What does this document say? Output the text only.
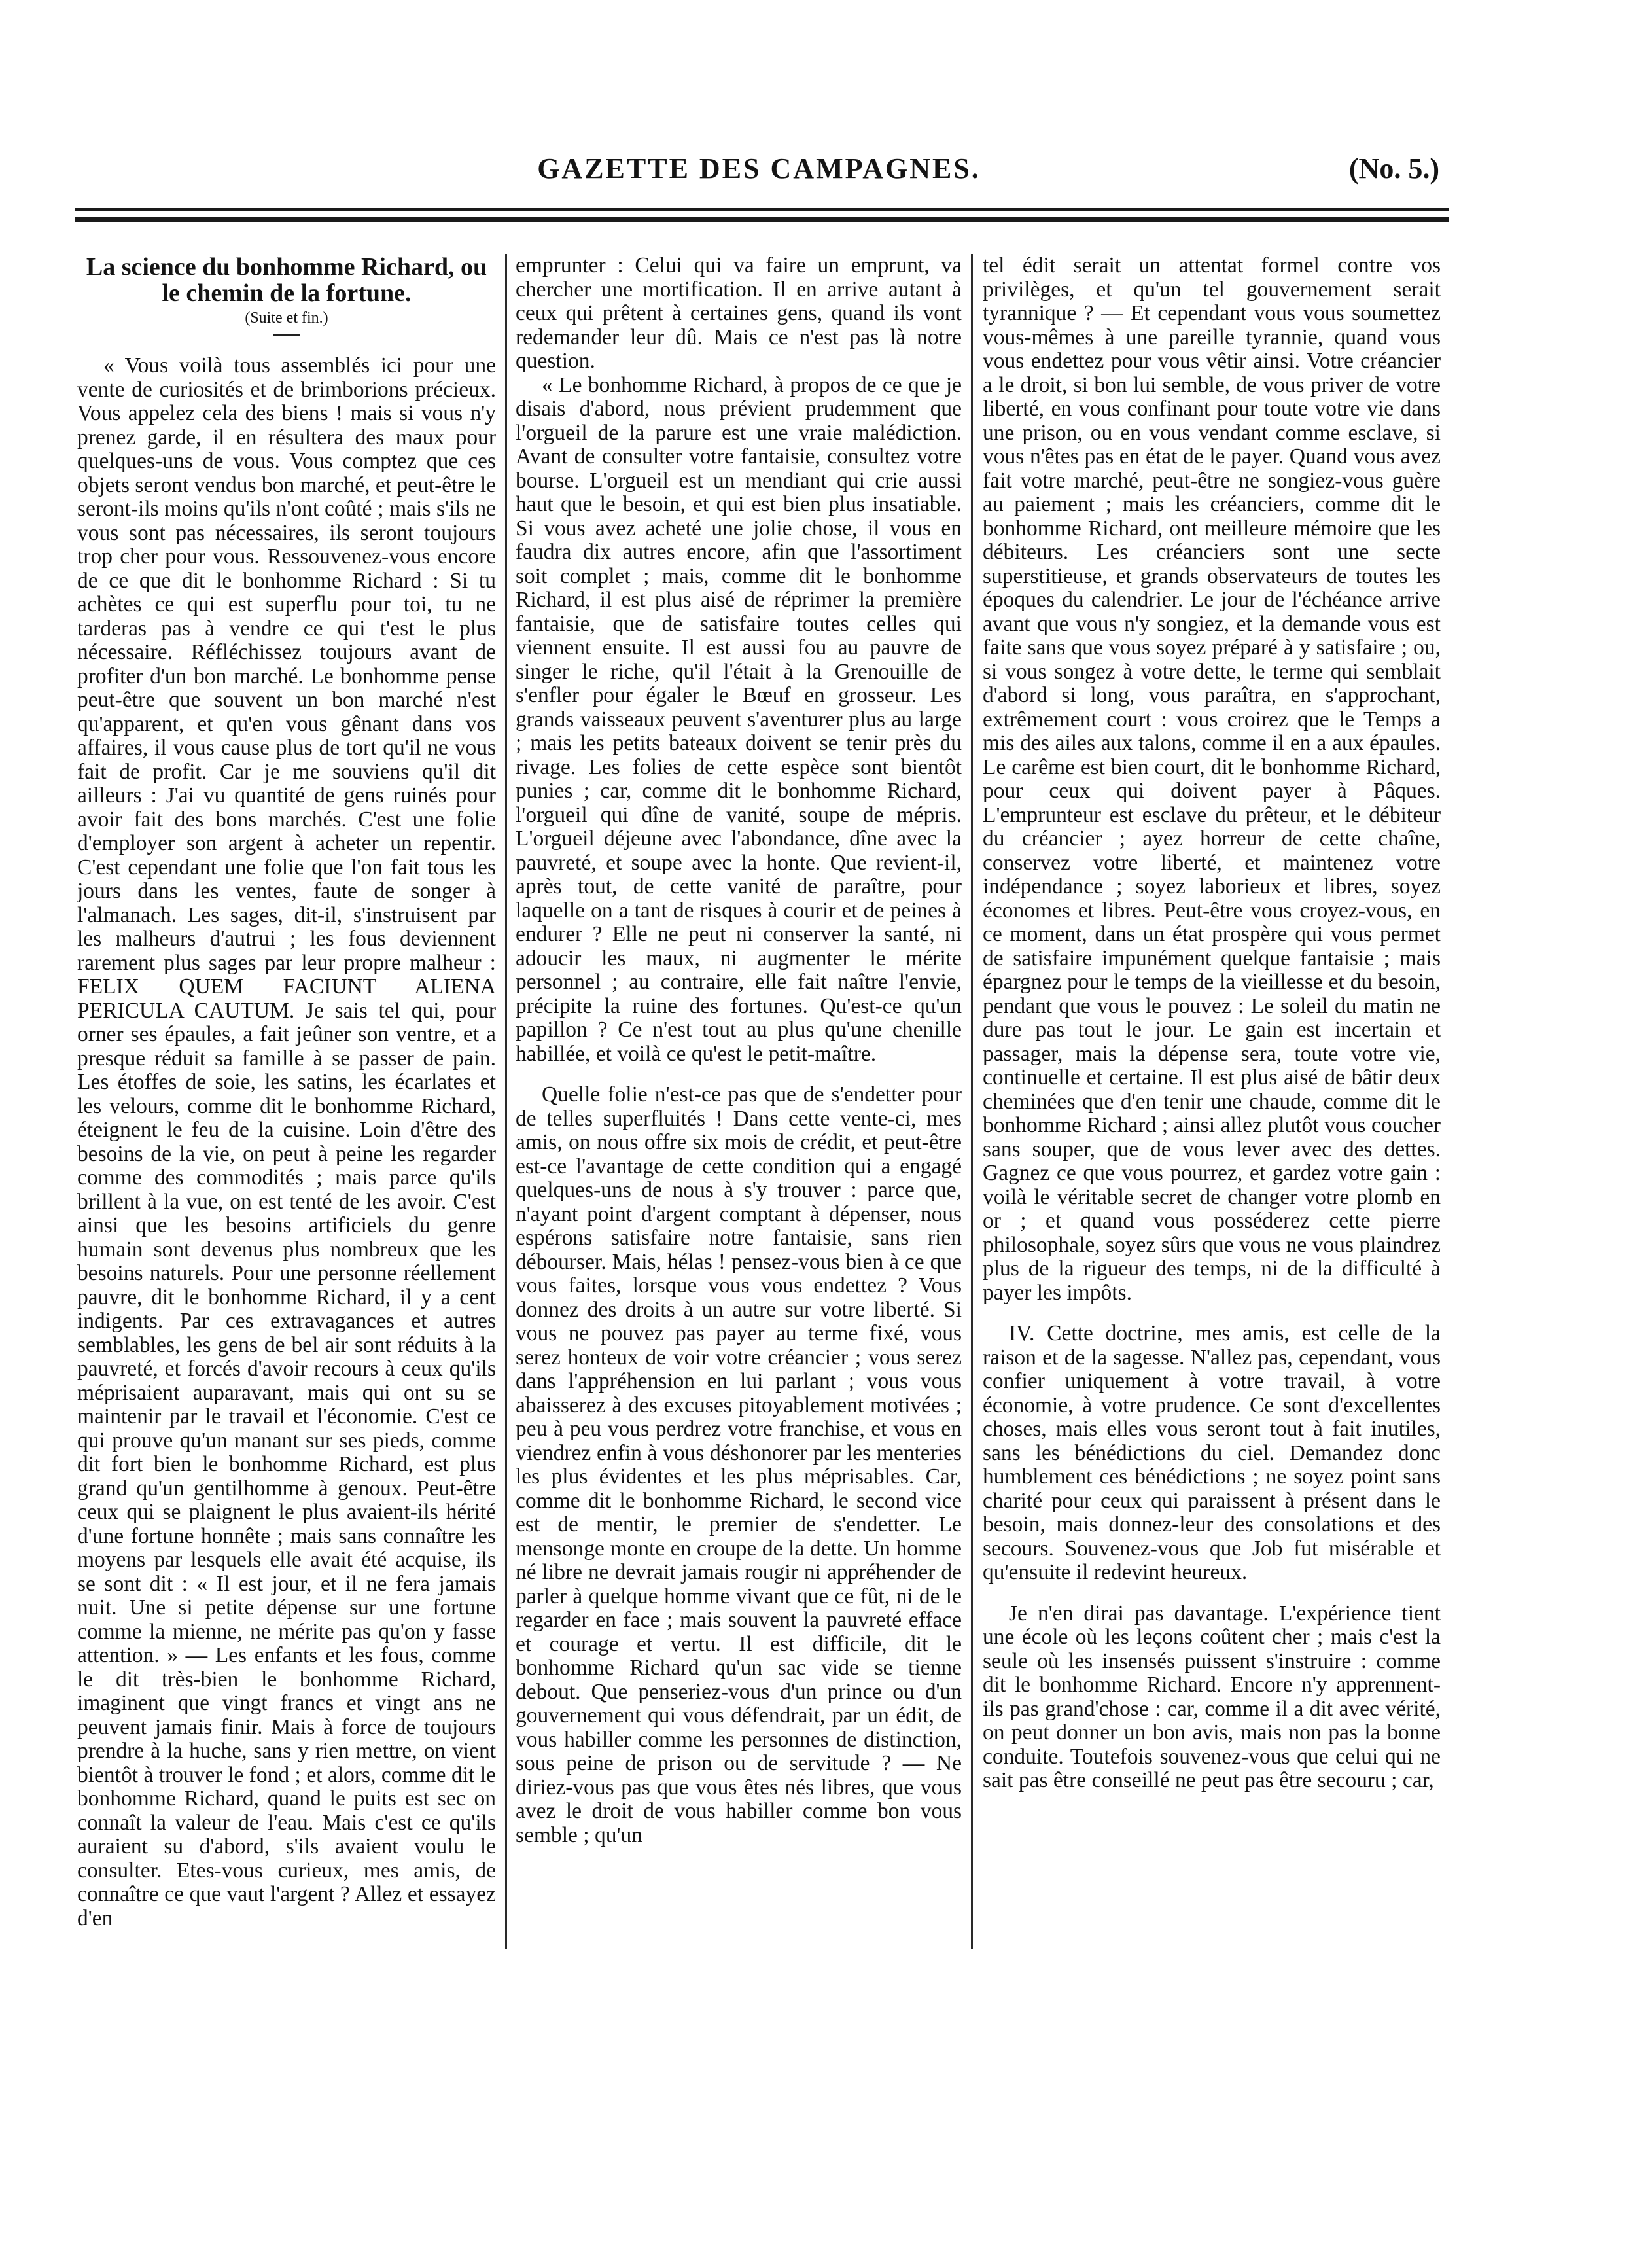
GAZETTE DES CAMPAGNES.	(No. 5.)
La science du bonhomme Richard, ou le chemin de la fortune.
(Suite et fin.)

« Vous voilà tous assemblés ici pour une vente de curiosités et de brimborions précieux. Vous appelez cela des biens ! mais si vous n'y prenez garde, il en résultera des maux pour quelques-uns de vous. Vous comptez que ces objets seront vendus bon marché, et peut-être le seront-ils moins qu'ils n'ont coûté ; mais s'ils ne vous sont pas nécessaires, ils seront toujours trop cher pour vous. Ressouvenez-vous encore de ce que dit le bonhomme Richard : Si tu achètes ce qui est superflu pour toi, tu ne tarderas pas à vendre ce qui t'est le plus nécessaire. Réfléchissez toujours avant de profiter d'un bon marché. Le bonhomme pense peut-être que souvent un bon marché n'est qu'apparent, et qu'en vous gênant dans vos affaires, il vous cause plus de tort qu'il ne vous fait de profit. Car je me souviens qu'il dit ailleurs : J'ai vu quantité de gens ruinés pour avoir fait des bons marchés. C'est une folie d'employer son argent à acheter un repentir. C'est cependant une folie que l'on fait tous les jours dans les ventes, faute de songer à l'almanach. Les sages, dit-il, s'instruisent par les malheurs d'autrui ; les fous deviennent rarement plus sages par leur propre malheur : FELIX QUEM FACIUNT ALIENA PERICULA CAUTUM. Je sais tel qui, pour orner ses épaules, a fait jeûner son ventre, et a presque réduit sa famille à se passer de pain. Les étoffes de soie, les satins, les écarlates et les velours, comme dit le bonhomme Richard, éteignent le feu de la cuisine. Loin d'être des besoins de la vie, on peut à peine les regarder comme des commodités ; mais parce qu'ils brillent à la vue, on est tenté de les avoir. C'est ainsi que les besoins artificiels du genre humain sont devenus plus nombreux que les besoins naturels. Pour une personne réellement pauvre, dit le bonhomme Richard, il y a cent indigents. Par ces extravagances et autres semblables, les gens de bel air sont réduits à la pauvreté, et forcés d'avoir recours à ceux qu'ils méprisaient auparavant, mais qui ont su se maintenir par le travail et l'économie. C'est ce qui prouve qu'un manant sur ses pieds, comme dit fort bien le bonhomme Richard, est plus grand qu'un gentilhomme à genoux. Peut-être ceux qui se plaignent le plus avaient-ils hérité d'une fortune honnête ; mais sans connaître les moyens par lesquels elle avait été acquise, ils se sont dit : « Il est jour, et il ne fera jamais nuit. Une si petite dépense sur une fortune comme la mienne, ne mérite pas qu'on y fasse attention. » — Les enfants et les fous, comme le dit très-bien le bonhomme Richard, imaginent que vingt francs et vingt ans ne peuvent jamais finir. Mais à force de toujours prendre à la huche, sans y rien mettre, on vient bientôt à trouver le fond ; et alors, comme dit le bonhomme Richard, quand le puits est sec on connaît la valeur de l'eau. Mais c'est ce qu'ils auraient su d'abord, s'ils avaient voulu le consulter. Etes-vous curieux, mes amis, de connaître ce que vaut l'argent ? Allez et essayez d'en

emprunter : Celui qui va faire un emprunt, va chercher une mortification. Il en arrive autant à ceux qui prêtent à certaines gens, quand ils vont redemander leur dû. Mais ce n'est pas là notre question.

« Le bonhomme Richard, à propos de ce que je disais d'abord, nous prévient prudemment que l'orgueil de la parure est une vraie malédiction. Avant de consulter votre fantaisie, consultez votre bourse. L'orgueil est un mendiant qui crie aussi haut que le besoin, et qui est bien plus insatiable. Si vous avez acheté une jolie chose, il vous en faudra dix autres encore, afin que l'assortiment soit complet ; mais, comme dit le bonhomme Richard, il est plus aisé de réprimer la première fantaisie, que de satisfaire toutes celles qui viennent ensuite. Il est aussi fou au pauvre de singer le riche, qu'il l'était à la Grenouille de s'enfler pour égaler le Bœuf en grosseur. Les grands vaisseaux peuvent s'aventurer plus au large ; mais les petits bateaux doivent se tenir près du rivage. Les folies de cette espèce sont bientôt punies ; car, comme dit le bonhomme Richard, l'orgueil qui dîne de vanité, soupe de mépris. L'orgueil déjeune avec l'abondance, dîne avec la pauvreté, et soupe avec la honte. Que revient-il, après tout, de cette vanité de paraître, pour laquelle on a tant de risques à courir et de peines à endurer ? Elle ne peut ni conserver la santé, ni adoucir les maux, ni augmenter le mérite personnel ; au contraire, elle fait naître l'envie, précipite la ruine des fortunes. Qu'est-ce qu'un papillon ? Ce n'est tout au plus qu'une chenille habillée, et voilà ce qu'est le petit-maître.

Quelle folie n'est-ce pas que de s'endetter pour de telles superfluités ! Dans cette vente-ci, mes amis, on nous offre six mois de crédit, et peut-être est-ce l'avantage de cette condition qui a engagé quelques-uns de nous à s'y trouver : parce que, n'ayant point d'argent comptant à dépenser, nous espérons satisfaire notre fantaisie, sans rien débourser. Mais, hélas ! pensez-vous bien à ce que vous faites, lorsque vous vous endettez ? Vous donnez des droits à un autre sur votre liberté. Si vous ne pouvez pas payer au terme fixé, vous serez honteux de voir votre créancier ; vous serez dans l'appréhension en lui parlant ; vous vous abaisserez à des excuses pitoyablement motivées ; peu à peu vous perdrez votre franchise, et vous en viendrez enfin à vous déshonorer par les menteries les plus évidentes et les plus méprisables. Car, comme dit le bonhomme Richard, le second vice est de mentir, le premier de s'endetter. Le mensonge monte en croupe de la dette. Un homme né libre ne devrait jamais rougir ni appréhender de parler à quelque homme vivant que ce fût, ni de le regarder en face ; mais souvent la pauvreté efface et courage et vertu. Il est difficile, dit le bonhomme Richard qu'un sac vide se tienne debout. Que penseriez-vous d'un prince ou d'un gouvernement qui vous défendrait, par un édit, de vous habiller comme les personnes de distinction, sous peine de prison ou de servitude ? — Ne diriez-vous pas que vous êtes nés libres, que vous avez le droit de vous habiller comme bon vous semble ; qu'un

tel édit serait un attentat formel contre vos privilèges, et qu'un tel gouvernement serait tyrannique ? — Et cependant vous vous soumettez vous-mêmes à une pareille tyrannie, quand vous vous endettez pour vous vêtir ainsi. Votre créancier a le droit, si bon lui semble, de vous priver de votre liberté, en vous confinant pour toute votre vie dans une prison, ou en vous vendant comme esclave, si vous n'êtes pas en état de le payer. Quand vous avez fait votre marché, peut-être ne songiez-vous guère au paiement ; mais les créanciers, comme dit le bonhomme Richard, ont meilleure mémoire que les débiteurs. Les créanciers sont une secte superstitieuse, et grands observateurs de toutes les époques du calendrier. Le jour de l'échéance arrive avant que vous n'y songiez, et la demande vous est faite sans que vous soyez préparé à y satisfaire ; ou, si vous songez à votre dette, le terme qui semblait d'abord si long, vous paraîtra, en s'approchant, extrêmement court : vous croirez que le Temps a mis des ailes aux talons, comme il en a aux épaules. Le carême est bien court, dit le bonhomme Richard, pour ceux qui doivent payer à Pâques. L'emprunteur est esclave du prêteur, et le débiteur du créancier ; ayez horreur de cette chaîne, conservez votre liberté, et maintenez votre indépendance ; soyez laborieux et libres, soyez économes et libres. Peut-être vous croyez-vous, en ce moment, dans un état prospère qui vous permet de satisfaire impunément quelque fantaisie ; mais épargnez pour le temps de la vieillesse et du besoin, pendant que vous le pouvez : Le soleil du matin ne dure pas tout le jour. Le gain est incertain et passager, mais la dépense sera, toute votre vie, continuelle et certaine. Il est plus aisé de bâtir deux cheminées que d'en tenir une chaude, comme dit le bonhomme Richard ; ainsi allez plutôt vous coucher sans souper, que de vous lever avec des dettes. Gagnez ce que vous pourrez, et gardez votre gain : voilà le véritable secret de changer votre plomb en or ; et quand vous posséderez cette pierre philosophale, soyez sûrs que vous ne vous plaindrez plus de la rigueur des temps, ni de la difficulté à payer les impôts.

IV. Cette doctrine, mes amis, est celle de la raison et de la sagesse. N'allez pas, cependant, vous confier uniquement à votre travail, à votre économie, à votre prudence. Ce sont d'excellentes choses, mais elles vous seront tout à fait inutiles, sans les bénédictions du ciel. Demandez donc humblement ces bénédictions ; ne soyez point sans charité pour ceux qui paraissent à présent dans le besoin, mais donnez-leur des consolations et des secours. Souvenez-vous que Job fut misérable et qu'ensuite il redevint heureux.

Je n'en dirai pas davantage. L'expérience tient une école où les leçons coûtent cher ; mais c'est la seule où les insensés puissent s'instruire : comme dit le bonhomme Richard. Encore n'y apprennent-ils pas grand'chose : car, comme il a dit avec vérité, on peut donner un bon avis, mais non pas la bonne conduite. Toutefois souvenez-vous que celui qui ne sait pas être conseillé ne peut pas être secouru ; car,
